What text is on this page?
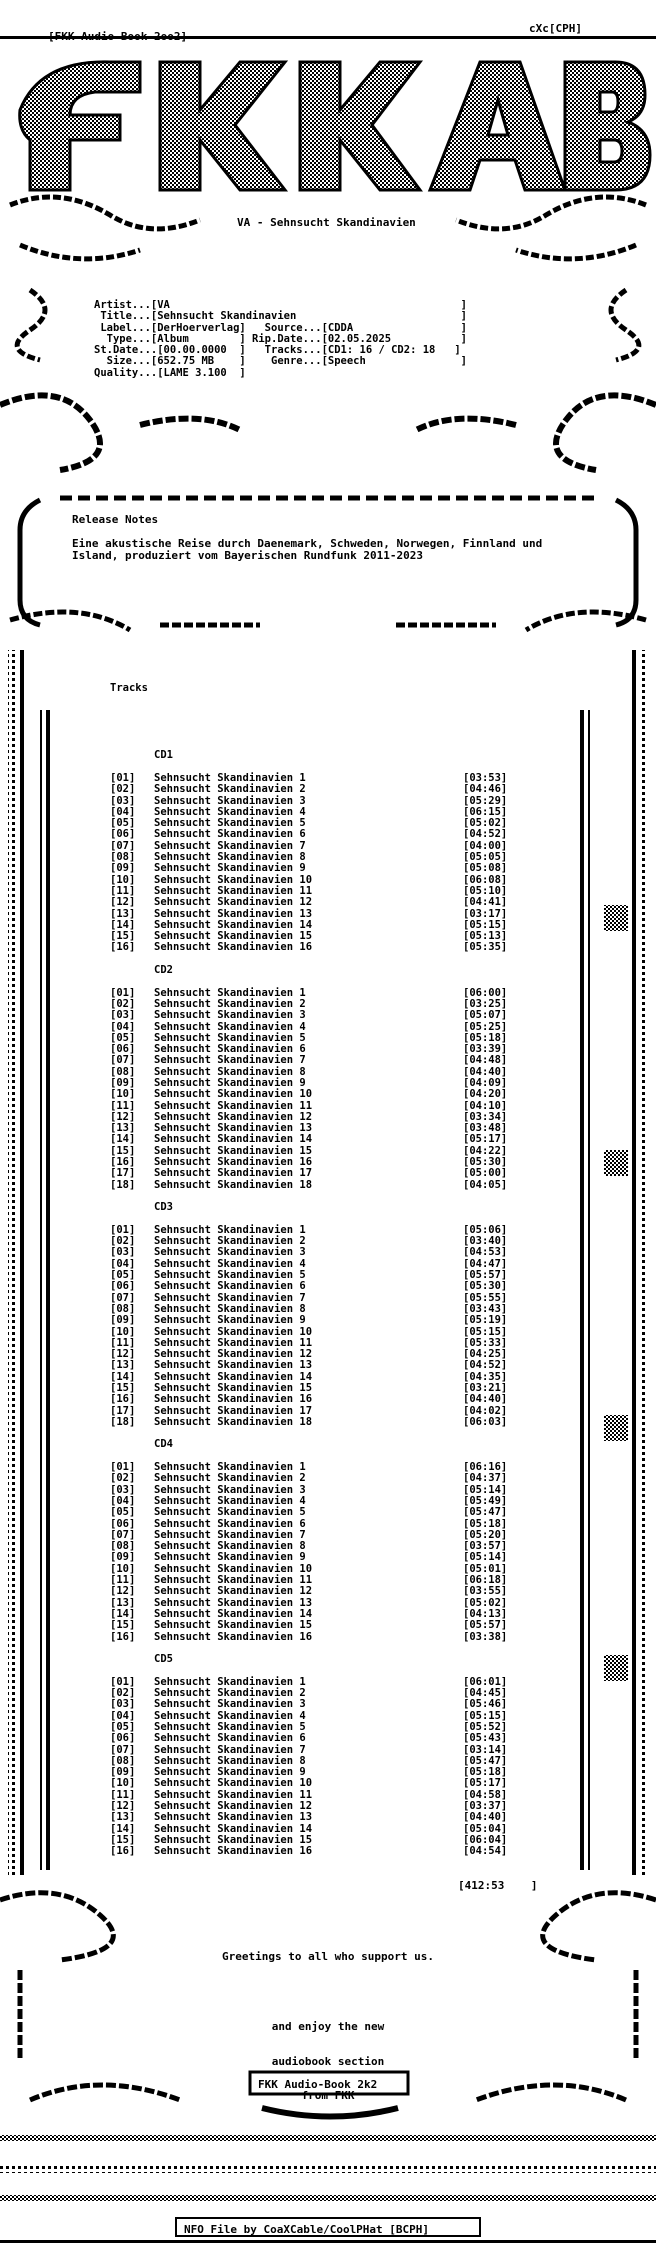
[FKK Audio Book 2oo2]
cXc[CPH]
VA - Sehnsucht Skandinavien
Artist...[VA                                              ]
Title...[Sehnsucht Skandinavien                          ]
Label...[DerHoerverlag]   Source...[CDDA                 ]
Type...[Album        ] Rip.Date...[02.05.2025           ]
St.Date...[00.00.0000  ]   Tracks...[CD1: 16 / CD2: 18   ]
Size...[652.75 MB    ]    Genre...[Speech               ]
Quality...[LAME 3.100  ]
Release Notes
Eine akustische Reise durch Daenemark, Schweden, Norwegen, Finnland und Island, produziert vom Bayerischen Rundfunk 2011-2023

Tracks

CD1
[01]	Sehnsucht Skandinavien 1	[03:53]
[02]	Sehnsucht Skandinavien 2	[04:46]
[03]	Sehnsucht Skandinavien 3	[05:29]
[04]	Sehnsucht Skandinavien 4	[06:15]
[05]	Sehnsucht Skandinavien 5	[05:02]
[06]	Sehnsucht Skandinavien 6	[04:52]
[07]	Sehnsucht Skandinavien 7	[04:00]
[08]	Sehnsucht Skandinavien 8	[05:05]
[09]	Sehnsucht Skandinavien 9	[05:08]
[10]	Sehnsucht Skandinavien 10	[06:08]
[11]	Sehnsucht Skandinavien 11	[05:10]
[12]	Sehnsucht Skandinavien 12	[04:41]
[13]	Sehnsucht Skandinavien 13	[03:17]
[14]	Sehnsucht Skandinavien 14	[05:15]
[15]	Sehnsucht Skandinavien 15	[05:13]
[16]	Sehnsucht Skandinavien 16	[05:35]
CD2
[01]	Sehnsucht Skandinavien 1	[06:00]
[02]	Sehnsucht Skandinavien 2	[03:25]
[03]	Sehnsucht Skandinavien 3	[05:07]
[04]	Sehnsucht Skandinavien 4	[05:25]
[05]	Sehnsucht Skandinavien 5	[05:18]
[06]	Sehnsucht Skandinavien 6	[03:39]
[07]	Sehnsucht Skandinavien 7	[04:48]
[08]	Sehnsucht Skandinavien 8	[04:40]
[09]	Sehnsucht Skandinavien 9	[04:09]
[10]	Sehnsucht Skandinavien 10	[04:20]
[11]	Sehnsucht Skandinavien 11	[04:10]
[12]	Sehnsucht Skandinavien 12	[03:34]
[13]	Sehnsucht Skandinavien 13	[03:48]
[14]	Sehnsucht Skandinavien 14	[05:17]
[15]	Sehnsucht Skandinavien 15	[04:22]
[16]	Sehnsucht Skandinavien 16	[05:30]
[17]	Sehnsucht Skandinavien 17	[05:00]
[18]	Sehnsucht Skandinavien 18	[04:05]
CD3
[01]	Sehnsucht Skandinavien 1	[05:06]
[02]	Sehnsucht Skandinavien 2	[03:40]
[03]	Sehnsucht Skandinavien 3	[04:53]
[04]	Sehnsucht Skandinavien 4	[04:47]
[05]	Sehnsucht Skandinavien 5	[05:57]
[06]	Sehnsucht Skandinavien 6	[05:30]
[07]	Sehnsucht Skandinavien 7	[05:55]
[08]	Sehnsucht Skandinavien 8	[03:43]
[09]	Sehnsucht Skandinavien 9	[05:19]
[10]	Sehnsucht Skandinavien 10	[05:15]
[11]	Sehnsucht Skandinavien 11	[05:33]
[12]	Sehnsucht Skandinavien 12	[04:25]
[13]	Sehnsucht Skandinavien 13	[04:52]
[14]	Sehnsucht Skandinavien 14	[04:35]
[15]	Sehnsucht Skandinavien 15	[03:21]
[16]	Sehnsucht Skandinavien 16	[04:40]
[17]	Sehnsucht Skandinavien 17	[04:02]
[18]	Sehnsucht Skandinavien 18	[06:03]
CD4
[01]	Sehnsucht Skandinavien 1	[06:16]
[02]	Sehnsucht Skandinavien 2	[04:37]
[03]	Sehnsucht Skandinavien 3	[05:14]
[04]	Sehnsucht Skandinavien 4	[05:49]
[05]	Sehnsucht Skandinavien 5	[05:47]
[06]	Sehnsucht Skandinavien 6	[05:18]
[07]	Sehnsucht Skandinavien 7	[05:20]
[08]	Sehnsucht Skandinavien 8	[03:57]
[09]	Sehnsucht Skandinavien 9	[05:14]
[10]	Sehnsucht Skandinavien 10	[05:01]
[11]	Sehnsucht Skandinavien 11	[06:18]
[12]	Sehnsucht Skandinavien 12	[03:55]
[13]	Sehnsucht Skandinavien 13	[05:02]
[14]	Sehnsucht Skandinavien 14	[04:13]
[15]	Sehnsucht Skandinavien 15	[05:57]
[16]	Sehnsucht Skandinavien 16	[03:38]
CD5
[01]	Sehnsucht Skandinavien 1	[06:01]
[02]	Sehnsucht Skandinavien 2	[04:45]
[03]	Sehnsucht Skandinavien 3	[05:46]
[04]	Sehnsucht Skandinavien 4	[05:15]
[05]	Sehnsucht Skandinavien 5	[05:52]
[06]	Sehnsucht Skandinavien 6	[05:43]
[07]	Sehnsucht Skandinavien 7	[03:14]
[08]	Sehnsucht Skandinavien 8	[05:47]
[09]	Sehnsucht Skandinavien 9	[05:18]
[10]	Sehnsucht Skandinavien 10	[05:17]
[11]	Sehnsucht Skandinavien 11	[04:58]
[12]	Sehnsucht Skandinavien 12	[03:37]
[13]	Sehnsucht Skandinavien 13	[04:40]
[14]	Sehnsucht Skandinavien 14	[05:04]
[15]	Sehnsucht Skandinavien 15	[06:04]
[16]	Sehnsucht Skandinavien 16	[04:54]

[412:53    ]
Greetings to all who support us.

and enjoy the new

audiobook section

from FKK

FKK Audio-Book 2k2
NFO File by CoaXCable/CoolPHat [BCPH]
